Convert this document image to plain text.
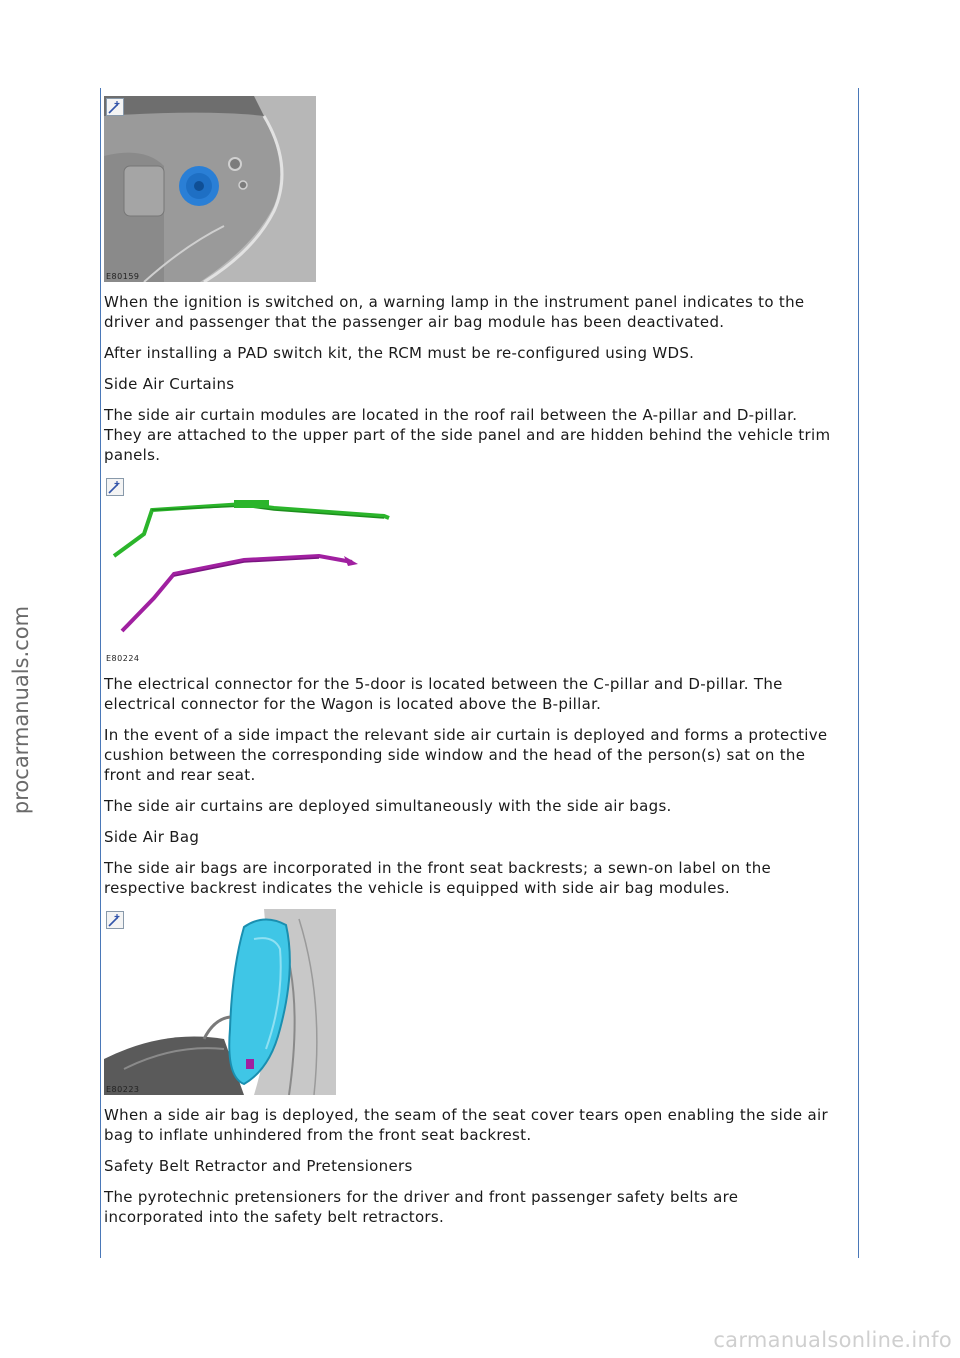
procarmanuals.com
E80159

When the ignition is switched on, a warning lamp in the instrument panel indicates to the driver and passenger that the passenger air bag module has been deactivated.

After installing a PAD switch kit, the RCM must be re-configured using WDS.

Side Air Curtains

The side air curtain modules are located in the roof rail between the A-pillar and D-pillar. They are attached to the upper part of the side panel and are hidden behind the vehicle trim panels.

E80224

The electrical connector for the 5-door is located between the C-pillar and D-pillar. The electrical connector for the Wagon is located above the B-pillar.

In the event of a side impact the relevant side air curtain is deployed and forms a protective cushion between the corresponding side window and the head of the person(s) sat on the front and rear seat.

The side air curtains are deployed simultaneously with the side air bags.

Side Air Bag

The side air bags are incorporated in the front seat backrests; a sewn-on label on the respective backrest indicates the vehicle is equipped with side air bag modules.

E80223

When a side air bag is deployed, the seam of the seat cover tears open enabling the side air bag to inflate unhindered from the front seat backrest.

Safety Belt Retractor and Pretensioners

The pyrotechnic pretensioners for the driver and front passenger safety belts are incorporated into the safety belt retractors.

carmanualsonline.info
